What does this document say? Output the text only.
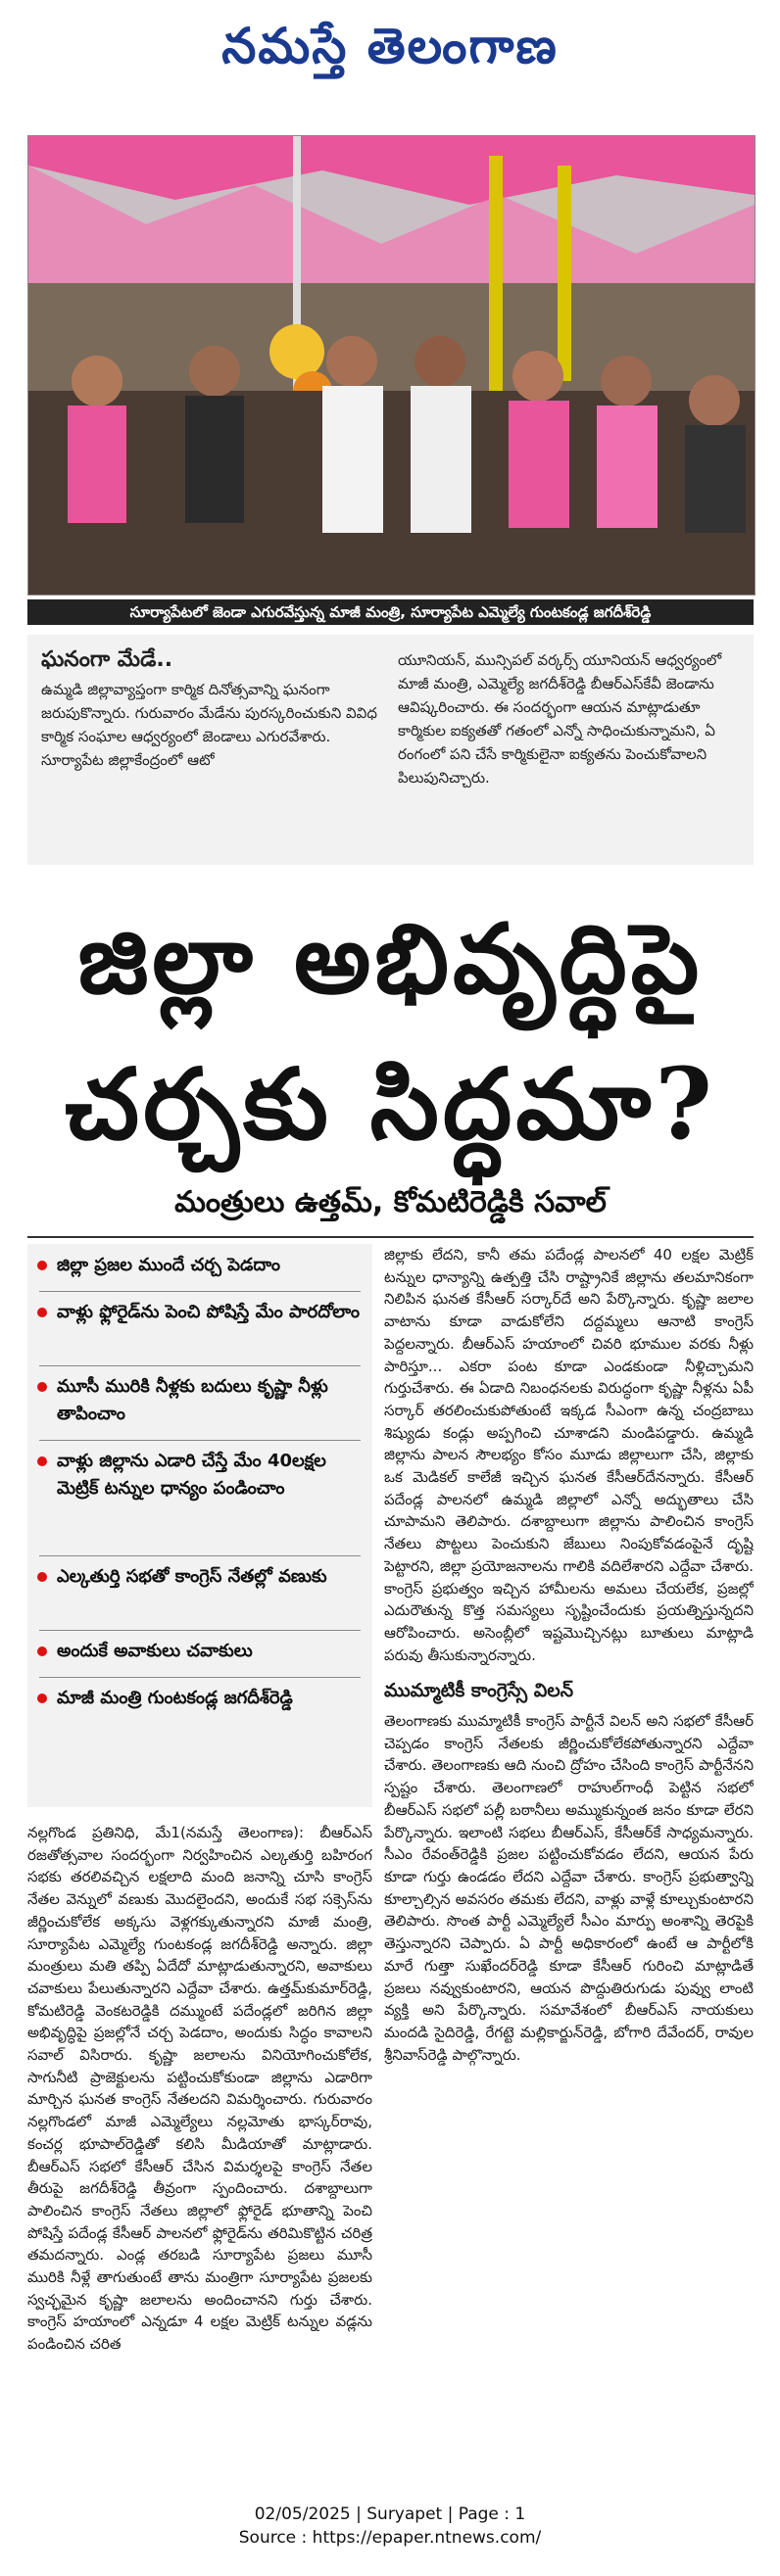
నమస్తే తెలంగాణ
సూర్యాపేటలో జెండా ఎగురవేస్తున్న మాజీ మంత్రి, సూర్యాపేట ఎమ్మెల్యే గుంటకండ్ల జగదీశ్‌రెడ్డి

ఘనంగా మేడే..

ఉమ్మడి జిల్లావ్యాప్తంగా కార్మిక దినోత్సవాన్ని ఘనంగా జరుపుకొన్నారు. గురువారం మేడేను పురస్కరించుకుని వివిధ కార్మిక సంఘాల ఆధ్వర్యంలో జెండాలు ఎగురవేశారు. సూర్యాపేట జిల్లాకేంద్రంలో ఆటో

యూనియన్, మున్సిపల్ వర్కర్స్ యూనియన్ ఆధ్వర్యంలో మాజీ మంత్రి, ఎమ్మెల్యే జగదీశ్‌రెడ్డి బీఆర్‌ఎస్‌కేవీ జెండాను ఆవిష్కరించారు. ఈ సందర్భంగా ఆయన మాట్లాడుతూ కార్మికుల ఐక్యతతో గతంలో ఎన్నో సాధించుకున్నామని, ఏ రంగంలో పని చేసే కార్మికులైనా ఐక్యతను పెంచుకోవాలని పిలుపునిచ్చారు.

జిల్లా అభివృద్ధిపై
చర్చకు సిద్ధమా?
మంత్రులు ఉత్తమ్, కోమటిరెడ్డికి సవాల్
జిల్లా ప్రజల ముందే చర్చ పెడదాం
వాళ్లు ఫ్లోరైడ్‌ను పెంచి పోషిస్తే మేం పారదోలాం
మూసీ మురికి నీళ్లకు బదులు కృష్ణా నీళ్లు తాపించాం
వాళ్లు జిల్లాను ఎడారి చేస్తే మేం 40లక్షల మెట్రిక్ టన్నుల ధాన్యం పండించాం
ఎల్కతుర్తి సభతో కాంగ్రెస్ నేతల్లో వణుకు
అందుకే అవాకులు చవాకులు
మాజీ మంత్రి గుంటకండ్ల జగదీశ్‌రెడ్డి

నల్లగొండ ప్రతినిధి, మే1(నమస్తే తెలంగాణ): బీఆర్‌ఎస్ రజతోత్సవాల సందర్భంగా నిర్వహించిన ఎల్కతుర్తి బహిరంగ సభకు తరలివచ్చిన లక్షలాది మంది జనాన్ని చూసి కాంగ్రెస్ నేతల వెన్నులో వణుకు మొదలైందని, అందుకే సభ సక్సెస్‌ను జీర్ణించుకోలేక అక్కసు వెళ్లగక్కుతున్నారని మాజీ మంత్రి, సూర్యాపేట ఎమ్మెల్యే గుంటకండ్ల జగదీశ్‌రెడ్డి అన్నారు. జిల్లా మంత్రులు మతి తప్పి ఏదేదో మాట్లాడుతున్నారని, అవాకులు చవాకులు పేలుతున్నారని ఎద్దేవా చేశారు. ఉత్తమ్‌కుమార్‌రెడ్డి, కోమటిరెడ్డి వెంకటరెడ్డికి దమ్ముంటే పదేండ్లలో జరిగిన జిల్లా అభివృద్ధిపై ప్రజల్లోనే చర్చ పెడదాం, అందుకు సిద్ధం కావాలని సవాల్ విసిరారు. కృష్ణా జలాలను వినియోగించుకోలేక, సాగునీటి ప్రాజెక్టులను పట్టించుకోకుండా జిల్లాను ఎడారిగా మార్చిన ఘనత కాంగ్రెస్ నేతలదని విమర్శించారు. గురువారం నల్లగొండలో మాజీ ఎమ్మెల్యేలు నల్లమోతు భాస్కర్‌రావు, కంచర్ల భూపాల్‌రెడ్డితో కలిసి మీడియాతో మాట్లాడారు. బీఆర్‌ఎస్ సభలో కేసీఆర్ చేసిన విమర్శలపై కాంగ్రెస్ నేతల తీరుపై జగదీశ్‌రెడ్డి తీవ్రంగా స్పందించారు. దశాబ్దాలుగా పాలించిన కాంగ్రెస్ నేతలు జిల్లాలో ఫ్లోరైడ్ భూతాన్ని పెంచి పోషిస్తే పదేండ్ల కేసీఆర్ పాలనలో ఫ్లోరైడ్‌ను తరిమికొట్టిన చరిత్ర తమదన్నారు. ఎండ్ల తరబడి సూర్యాపేట ప్రజలు మూసీ మురికి నీళ్లే తాగుతుంటే తాను మంత్రిగా సూర్యాపేట ప్రజలకు స్వచ్ఛమైన కృష్ణా జలాలను అందించానని గుర్తు చేశారు. కాంగ్రెస్ హయాంలో ఎన్నడూ 4 లక్షల మెట్రిక్ టన్నుల వడ్లను పండించిన చరిత

జిల్లాకు లేదని, కానీ తమ పదేండ్ల పాలనలో 40 లక్షల మెట్రిక్ టన్నుల ధాన్యాన్ని ఉత్పత్తి చేసి రాష్ట్రానికే జిల్లాను తలమానికంగా నిలిపిన ఘనత కేసీఆర్ సర్కార్‌దే అని పేర్కొన్నారు. కృష్ణా జలాల వాటాను కూడా వాడుకోలేని దద్దమ్మలు ఆనాటి కాంగ్రెస్ పెద్దలన్నారు. బీఆర్‌ఎస్ హయాంలో చివరి భూముల వరకు నీళ్లు పారిస్తూ... ఎకరా పంట కూడా ఎండకుండా నీళ్లిచ్చామని గుర్తుచేశారు. ఈ ఏడాది నిబంధనలకు విరుద్ధంగా కృష్ణా నీళ్లను ఏపీ సర్కార్ తరలించుకుపోతుంటే ఇక్కడ సీఎంగా ఉన్న చంద్రబాబు శిష్యుడు కండ్లు అప్పగించి చూశాడని మండిపడ్డారు. ఉమ్మడి జిల్లాను పాలన సౌలభ్యం కోసం మూడు జిల్లాలుగా చేసి, జిల్లాకు ఒక మెడికల్ కాలేజీ ఇచ్చిన ఘనత కేసీఆర్‌దేనన్నారు. కేసీఆర్ పదేండ్ల పాలనలో ఉమ్మడి జిల్లాలో ఎన్నో అద్భుతాలు చేసి చూపామని తెలిపారు. దశాబ్దాలుగా జిల్లాను పాలించిన కాంగ్రెస్ నేతలు పొట్టలు పెంచుకుని జేబులు నింపుకోవడంపైనే దృష్టి పెట్టారని, జిల్లా ప్రయోజనాలను గాలికి వదిలేశారని ఎద్దేవా చేశారు. కాంగ్రెస్ ప్రభుత్వం ఇచ్చిన హామీలను అమలు చేయలేక, ప్రజల్లో ఎదురౌతున్న కొత్త సమస్యలు సృష్టించేందుకు ప్రయత్నిస్తున్నదని ఆరోపించారు. అసెంబ్లీలో ఇష్టమొచ్చినట్లు బూతులు మాట్లాడి పరువు తీసుకున్నారన్నారు.

ముమ్మాటికీ కాంగ్రెస్సే విలన్

తెలంగాణకు ముమ్మాటికీ కాంగ్రెస్ పార్టీనే విలన్ అని సభలో కేసీఆర్ చెప్పడం కాంగ్రెస్ నేతలకు జీర్ణించుకోలేకపోతున్నారని ఎద్దేవా చేశారు. తెలంగాణకు ఆది నుంచి ద్రోహం చేసింది కాంగ్రెస్ పార్టీనేనని స్పష్టం చేశారు. తెలంగాణలో రాహుల్‌గాంధీ పెట్టిన సభలో బీఆర్‌ఎస్ సభలో పల్లీ బఠానీలు అమ్ముకున్నంత జనం కూడా లేరని పేర్కొన్నారు. ఇలాంటి సభలు బీఆర్‌ఎస్, కేసీఆర్‌కే సాధ్యమన్నారు. సీఎం రేవంత్‌రెడ్డికి ప్రజల పట్టించుకోవడం లేదని, ఆయన పేరు కూడా గుర్తు ఉండడం లేదని ఎద్దేవా చేశారు. కాంగ్రెస్ ప్రభుత్వాన్ని కూల్చాల్సిన అవసరం తమకు లేదని, వాళ్లు వాళ్లే కూల్చుకుంటారని తెలిపారు. సొంత పార్టీ ఎమ్మెల్యేలే సీఎం మార్పు అంశాన్ని తెరపైకి తెస్తున్నారని చెప్పారు. ఏ పార్టీ అధికారంలో ఉంటే ఆ పార్టీలోకి మారే గుత్తా సుఖేందర్‌రెడ్డి కూడా కేసీఆర్ గురించి మాట్లాడితే ప్రజలు నవ్వుకుంటారని, ఆయన పొద్దుతిరుగుడు పువ్వు లాంటి వ్యక్తి అని పేర్కొన్నారు. సమావేశంలో బీఆర్‌ఎస్ నాయకులు మందడి సైదిరెడ్డి, రేగట్టె మల్లికార్జున్‌రెడ్డి, బోగారి దేవేందర్, రావుల శ్రీనివాస్‌రెడ్డి పాల్గొన్నారు.

02/05/2025 | Suryapet | Page : 1
Source : https://epaper.ntnews.com/
